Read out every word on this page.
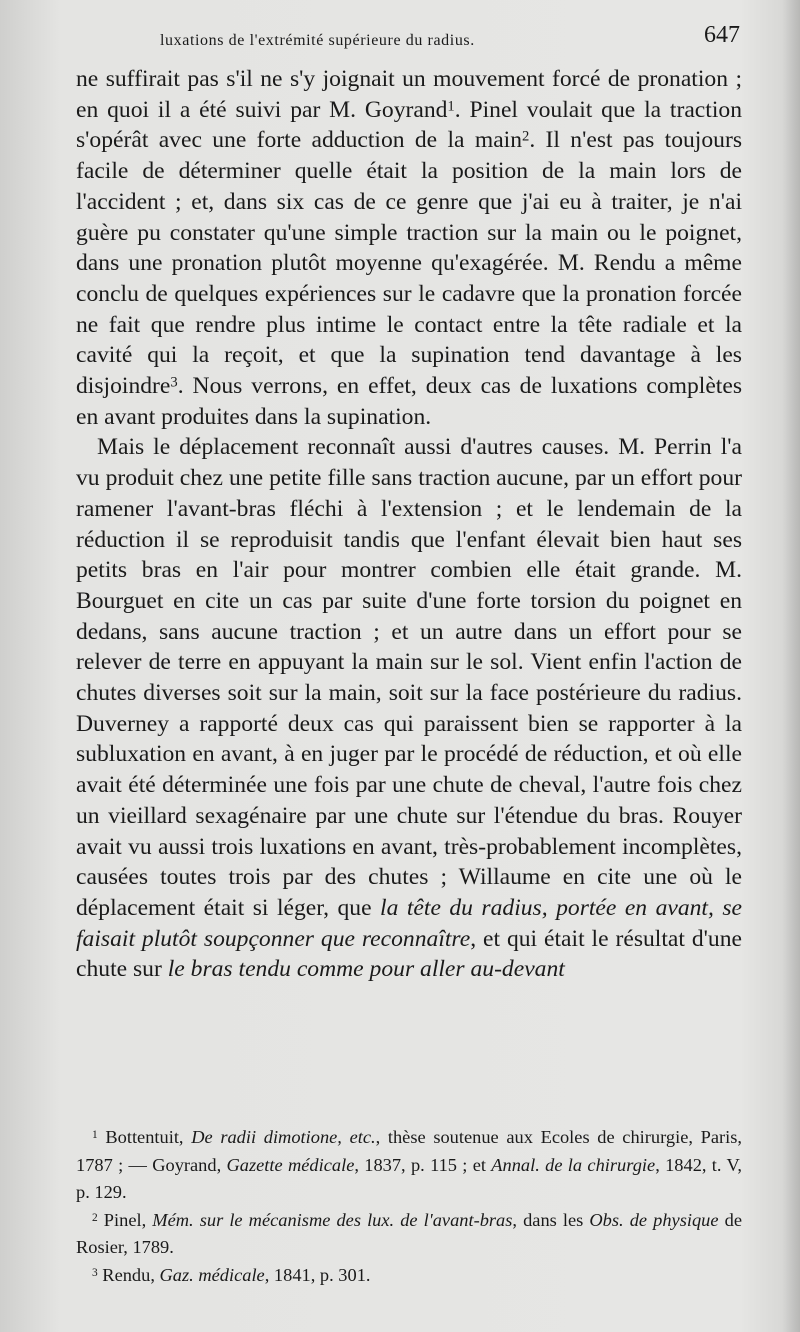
luxations de l'extrémité supérieure du radius.	647

ne suffirait pas s'il ne s'y joignait un mouvement forcé de pronation ; en quoi il a été suivi par M. Goyrand$^1$. Pinel voulait que la traction s'opérât avec une forte adduction de la main$^2$. Il n'est pas toujours facile de déterminer quelle était la position de la main lors de l'accident ; et, dans six cas de ce genre que j'ai eu à traiter, je n'ai guère pu constater qu'une simple traction sur la main ou le poignet, dans une pronation plutôt moyenne qu'exagérée. M. Rendu a même conclu de quelques expériences sur le cadavre que la pronation forcée ne fait que rendre plus intime le contact entre la tête radiale et la cavité qui la reçoit, et que la supination tend davantage à les disjoindre$^3$. Nous verrons, en effet, deux cas de luxations complètes en avant produites dans la supination.

Mais le déplacement reconnaît aussi d'autres causes. M. Perrin l'a vu produit chez une petite fille sans traction aucune, par un effort pour ramener l'avant-bras fléchi à l'extension ; et le lendemain de la réduction il se reproduisit tandis que l'enfant élevait bien haut ses petits bras en l'air pour montrer combien elle était grande. M. Bourguet en cite un cas par suite d'une forte torsion du poignet en dedans, sans aucune traction ; et un autre dans un effort pour se relever de terre en appuyant la main sur le sol. Vient enfin l'action de chutes diverses soit sur la main, soit sur la face postérieure du radius. Duverney a rapporté deux cas qui paraissent bien se rapporter à la subluxation en avant, à en juger par le procédé de réduction, et où elle avait été déterminée une fois par une chute de cheval, l'autre fois chez un vieillard sexagénaire par une chute sur l'étendue du bras. Rouyer avait vu aussi trois luxations en avant, très-probablement incomplètes, causées toutes trois par des chutes ; Willaume en cite une où le déplacement était si léger, que la tête du radius, portée en avant, se faisait plutôt soupçonner que reconnaître, et qui était le résultat d'une chute sur le bras tendu comme pour aller au-devant

$^1$ Bottentuit, De radii dimotione, etc., thèse soutenue aux Ecoles de chirurgie, Paris, 1787 ; — Goyrand, Gazette médicale, 1837, p. 115 ; et Annal. de la chirurgie, 1842, t. V, p. 129.

$^2$ Pinel, Mém. sur le mécanisme des lux. de l'avant-bras, dans les Obs. de physique de Rosier, 1789.

$^3$ Rendu, Gaz. médicale, 1841, p. 301.
